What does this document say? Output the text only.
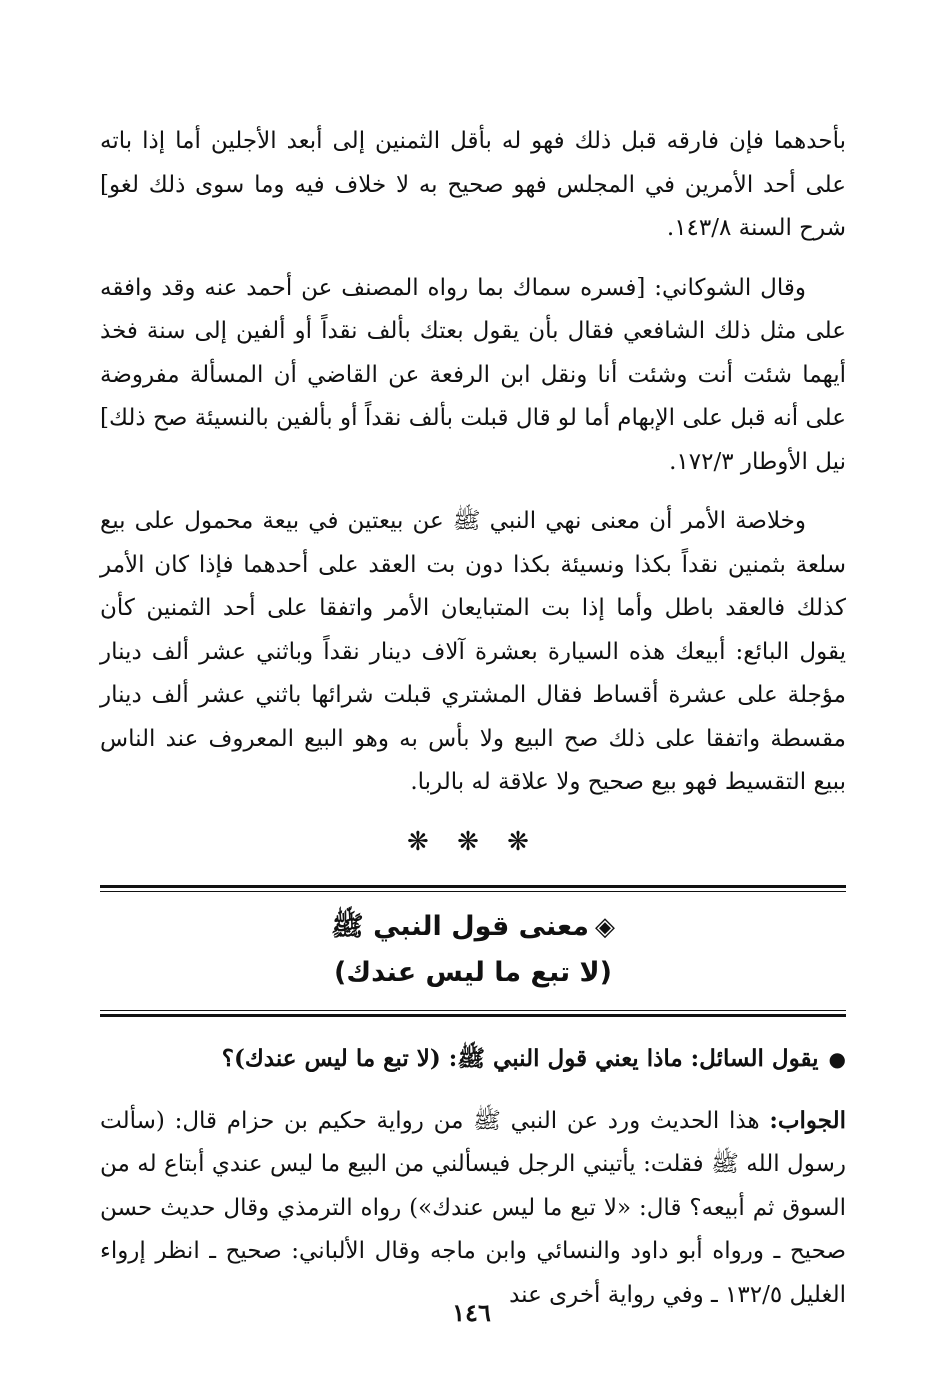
بأحدهما فإن فارقه قبل ذلك فهو له بأقل الثمنين إلى أبعد الأجلين أما إذا باته على أحد الأمرين في المجلس فهو صحيح به لا خلاف فيه وما سوى ذلك لغو] شرح السنة ١٤٣/٨.

وقال الشوكاني: [فسره سماك بما رواه المصنف عن أحمد عنه وقد وافقه على مثل ذلك الشافعي فقال بأن يقول بعتك بألف نقداً أو ألفين إلى سنة فخذ أيهما شئت أنت وشئت أنا ونقل ابن الرفعة عن القاضي أن المسألة مفروضة على أنه قبل على الإبهام أما لو قال قبلت بألف نقداً أو بألفين بالنسيئة صح ذلك] نيل الأوطار ١٧٢/٣.

وخلاصة الأمر أن معنى نهي النبي ﷺ عن بيعتين في بيعة محمول على بيع سلعة بثمنين نقداً بكذا ونسيئة بكذا دون بت العقد على أحدهما فإذا كان الأمر كذلك فالعقد باطل وأما إذا بت المتبايعان الأمر واتفقا على أحد الثمنين كأن يقول البائع: أبيعك هذه السيارة بعشرة آلاف دينار نقداً وباثني عشر ألف دينار مؤجلة على عشرة أقساط فقال المشتري قبلت شرائها باثني عشر ألف دينار مقسطة واتفقا على ذلك صح البيع ولا بأس به وهو البيع المعروف عند الناس ببيع التقسيط فهو بيع صحيح ولا علاقة له بالربا.

❋ ❋ ❋
◈معنى قول النبي ﷺ
(لا تبع ما ليس عندك)

●يقول السائل: ماذا يعني قول النبي ﷺ: (لا تبع ما ليس عندك)؟

الجواب: هذا الحديث ورد عن النبي ﷺ من رواية حكيم بن حزام قال: (سألت رسول الله ﷺ فقلت: يأتيني الرجل فيسألني من البيع ما ليس عندي أبتاع له من السوق ثم أبيعه؟ قال: «لا تبع ما ليس عندك») رواه الترمذي وقال حديث حسن صحيح ـ ورواه أبو داود والنسائي وابن ماجه وقال الألباني: صحيح ـ انظر إرواء الغليل ١٣٢/٥ ـ وفي رواية أخرى عند

١٤٦
